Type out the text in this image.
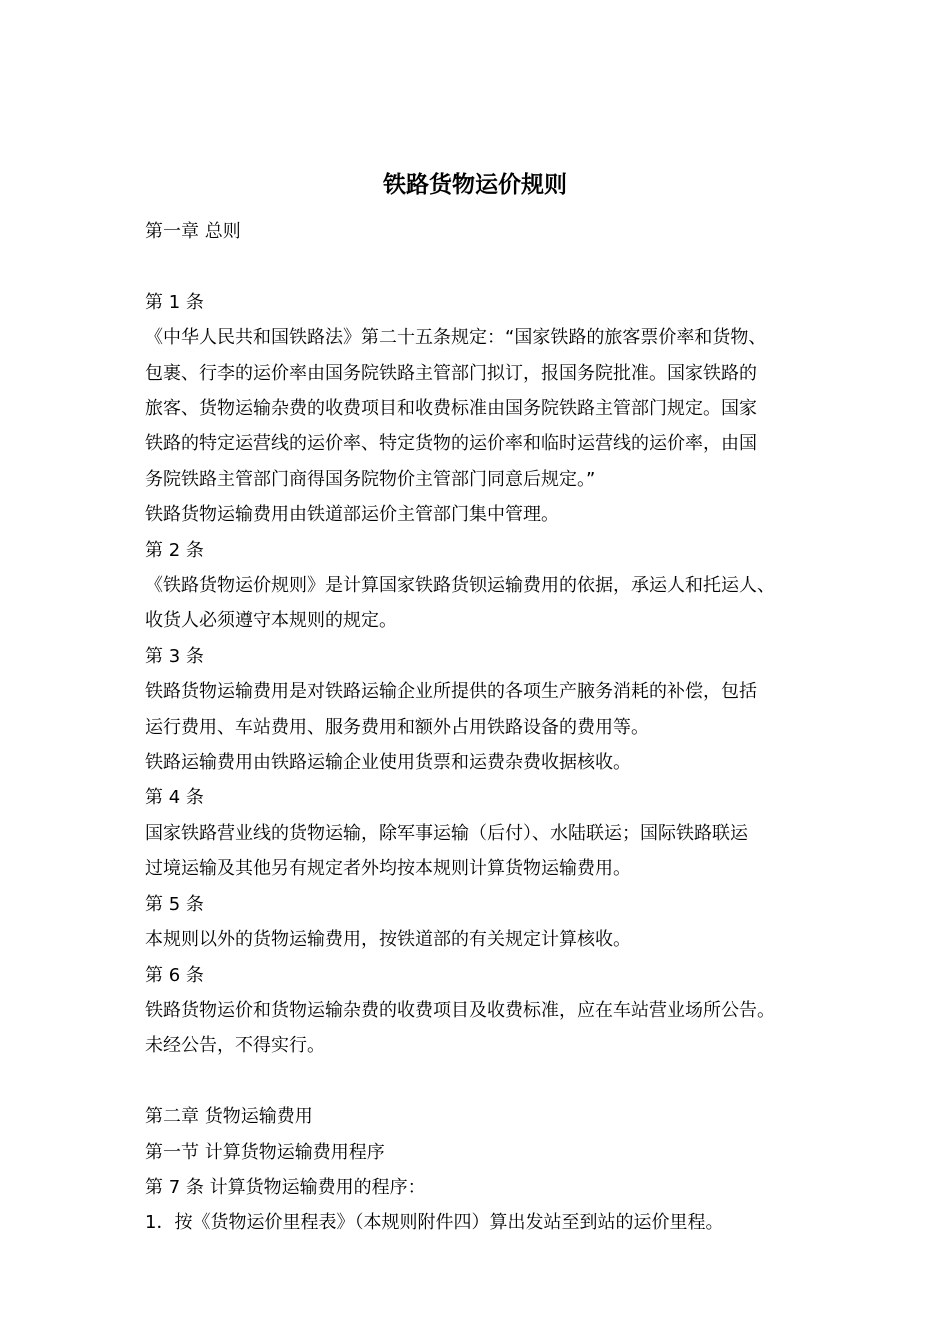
铁路货物运价规则

第一章 总则

第 1 条

《中华人民共和国铁路法》第二十五条规定：“国家铁路的旅客票价率和货物、

包裹、行李的运价率由国务院铁路主管部门拟订，报国务院批准。国家铁路的

旅客、货物运输杂费的收费项目和收费标准由国务院铁路主管部门规定。国家

铁路的特定运营线的运价率、特定货物的运价率和临时运营线的运价率，由国

务院铁路主管部门商得国务院物价主管部门同意后规定。”

铁路货物运输费用由铁道部运价主管部门集中管理。

第 2 条

《铁路货物运价规则》是计算国家铁路货钡运输费用的依据，承运人和托运人、

收货人必须遵守本规则的规定。

第 3 条

铁路货物运输费用是对铁路运输企业所提供的各项生产腋务消耗的补偿，包括

运行费用、车站费用、服务费用和额外占用铁路设备的费用等。

铁路运输费用由铁路运输企业使用货票和运费杂费收据核收。

第 4 条

国家铁路营业线的货物运输，除军事运输（后付）、水陆联运；国际铁路联运

过境运输及其他另有规定者外均按本规则计算货物运输费用。

第 5 条

本规则以外的货物运输费用，按铁道部的有关规定计算核收。

第 6 条

铁路货物运价和货物运输杂费的收费项目及收费标准，应在车站营业场所公告。

未经公告，不得实行。

第二章 货物运输费用

第一节 计算货物运输费用程序

第 7 条 计算货物运输费用的程序：

1．按《货物运价里程表》（本规则附件四）算出发站至到站的运价里程。
